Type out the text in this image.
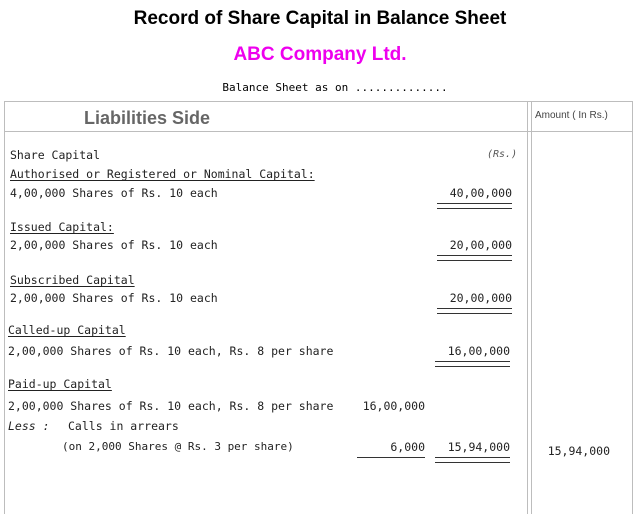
Record of Share Capital in Balance Sheet
ABC Company Ltd.
Balance Sheet as on ..............
Liabilities Side	Amount ( In Rs.)
Share Capital	(Rs.)
Authorised or Registered or Nominal Capital:
4,00,000 Shares of Rs. 10 each	40,00,000
Issued Capital:
2,00,000 Shares of Rs. 10 each	20,00,000
Subscribed Capital
2,00,000 Shares of Rs. 10 each	20,00,000
Called-up Capital
2,00,000 Shares of Rs. 10 each, Rs. 8 per share	16,00,000
Paid-up Capital
2,00,000 Shares of Rs. 10 each, Rs. 8 per share	16,00,000
Less : Calls in arrears
(on 2,000 Shares @ Rs. 3 per share)	6,000	15,94,000	15,94,000
